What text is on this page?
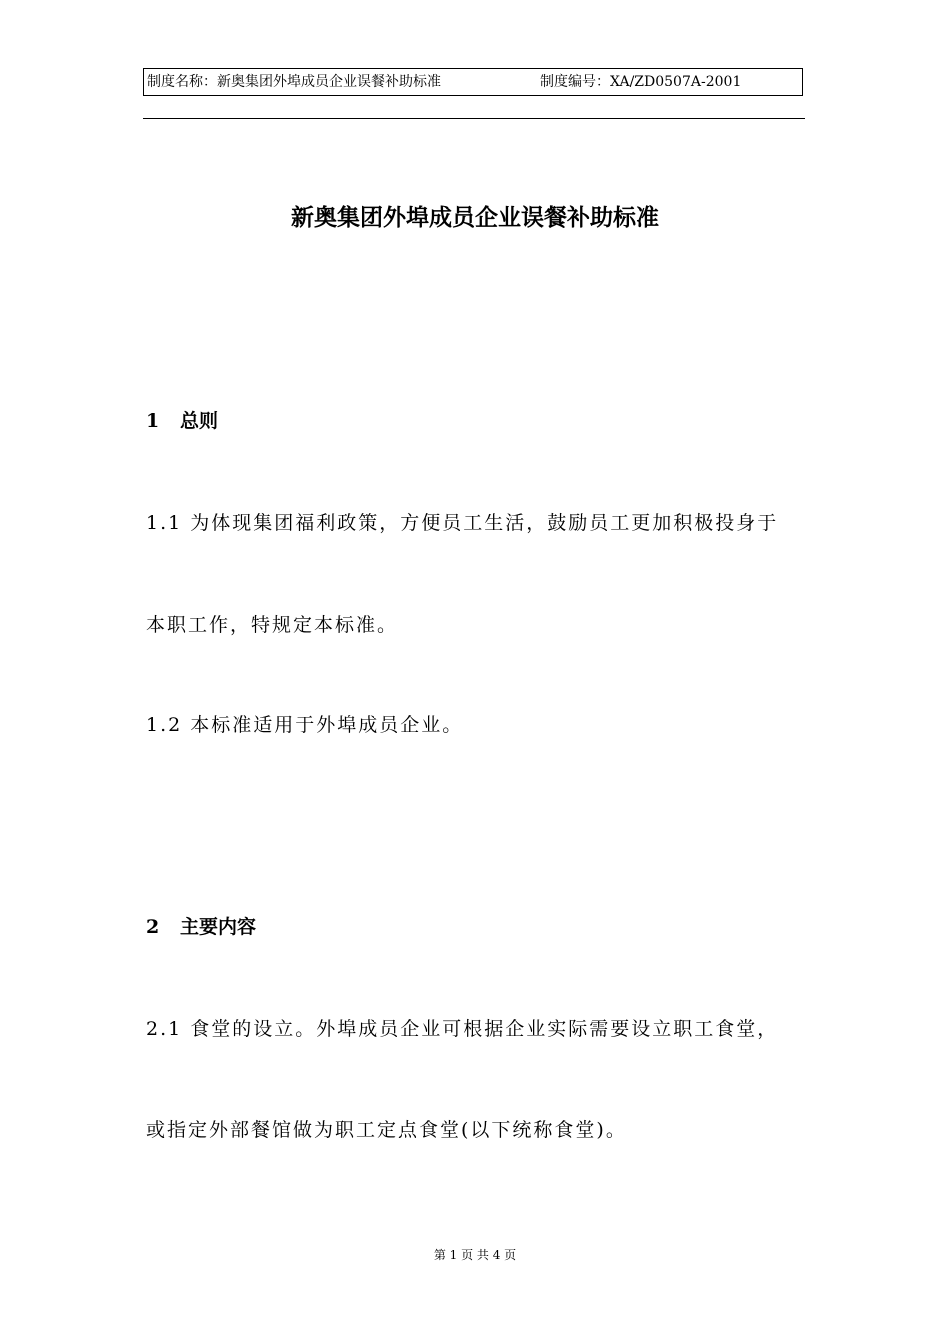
制度名称：新奥集团外埠成员企业误餐补助标准	制度编号：XA/ZD0507A-2001
新奥集团外埠成员企业误餐补助标准
1 总则
1.1 为体现集团福利政策，方便员工生活，鼓励员工更加积极投身于
本职工作，特规定本标准。
1.2 本标准适用于外埠成员企业。
2 主要内容
2.1 食堂的设立。外埠成员企业可根据企业实际需要设立职工食堂，
或指定外部餐馆做为职工定点食堂(以下统称食堂)。
第 1 页 共 4 页
